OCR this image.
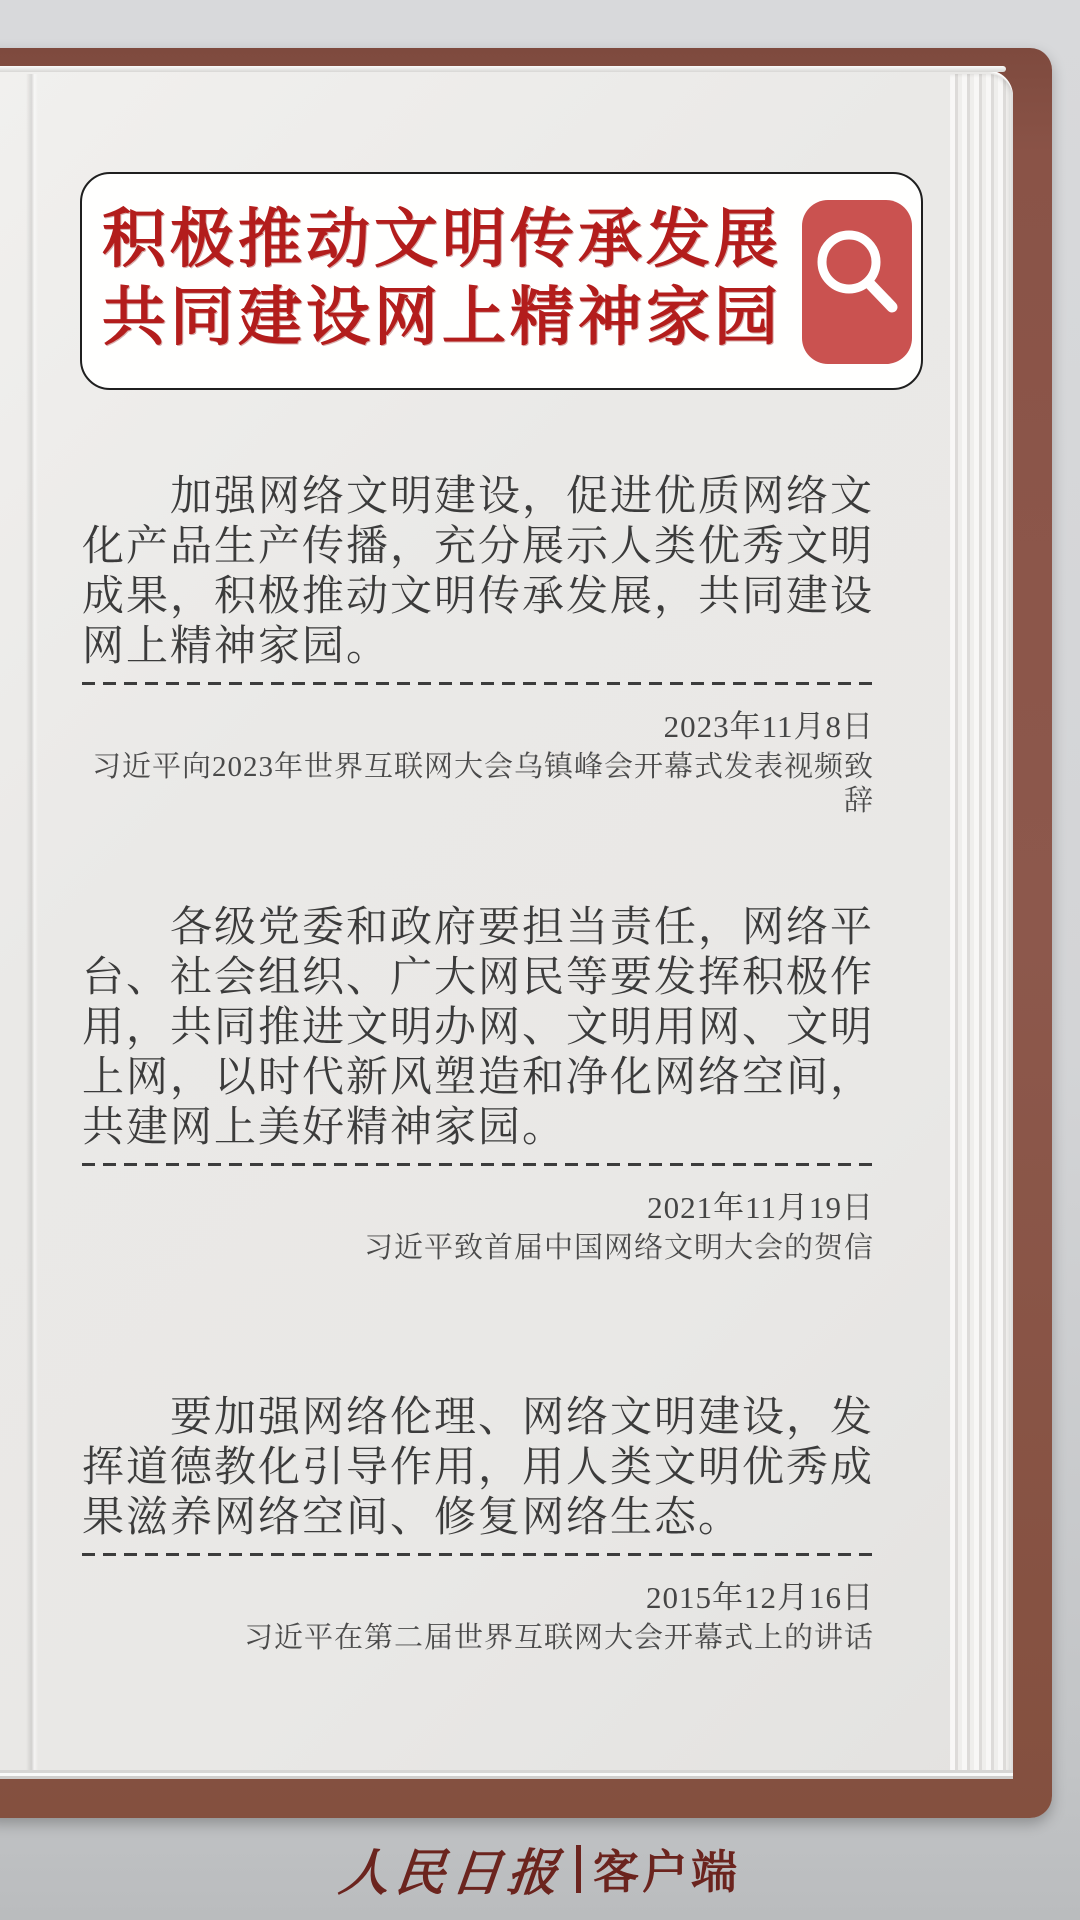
积极推动文明传承发展
共同建设网上精神家园

加强网络文明建设，促进优质网络文化产品生产传播，充分展示人类优秀文明成果，积极推动文明传承发展，共同建设网上精神家园。

2023年11月8日
习近平向2023年世界互联网大会乌镇峰会开幕式发表视频致辞

各级党委和政府要担当责任，网络平台、社会组织、广大网民等要发挥积极作用，共同推进文明办网、文明用网、文明上网，以时代新风塑造和净化网络空间，共建网上美好精神家园。

2021年11月19日
习近平致首届中国网络文明大会的贺信

要加强网络伦理、网络文明建设，发挥道德教化引导作用，用人类文明优秀成果滋养网络空间、修复网络生态。

2015年12月16日
习近平在第二届世界互联网大会开幕式上的讲话
人民日报 客户端
